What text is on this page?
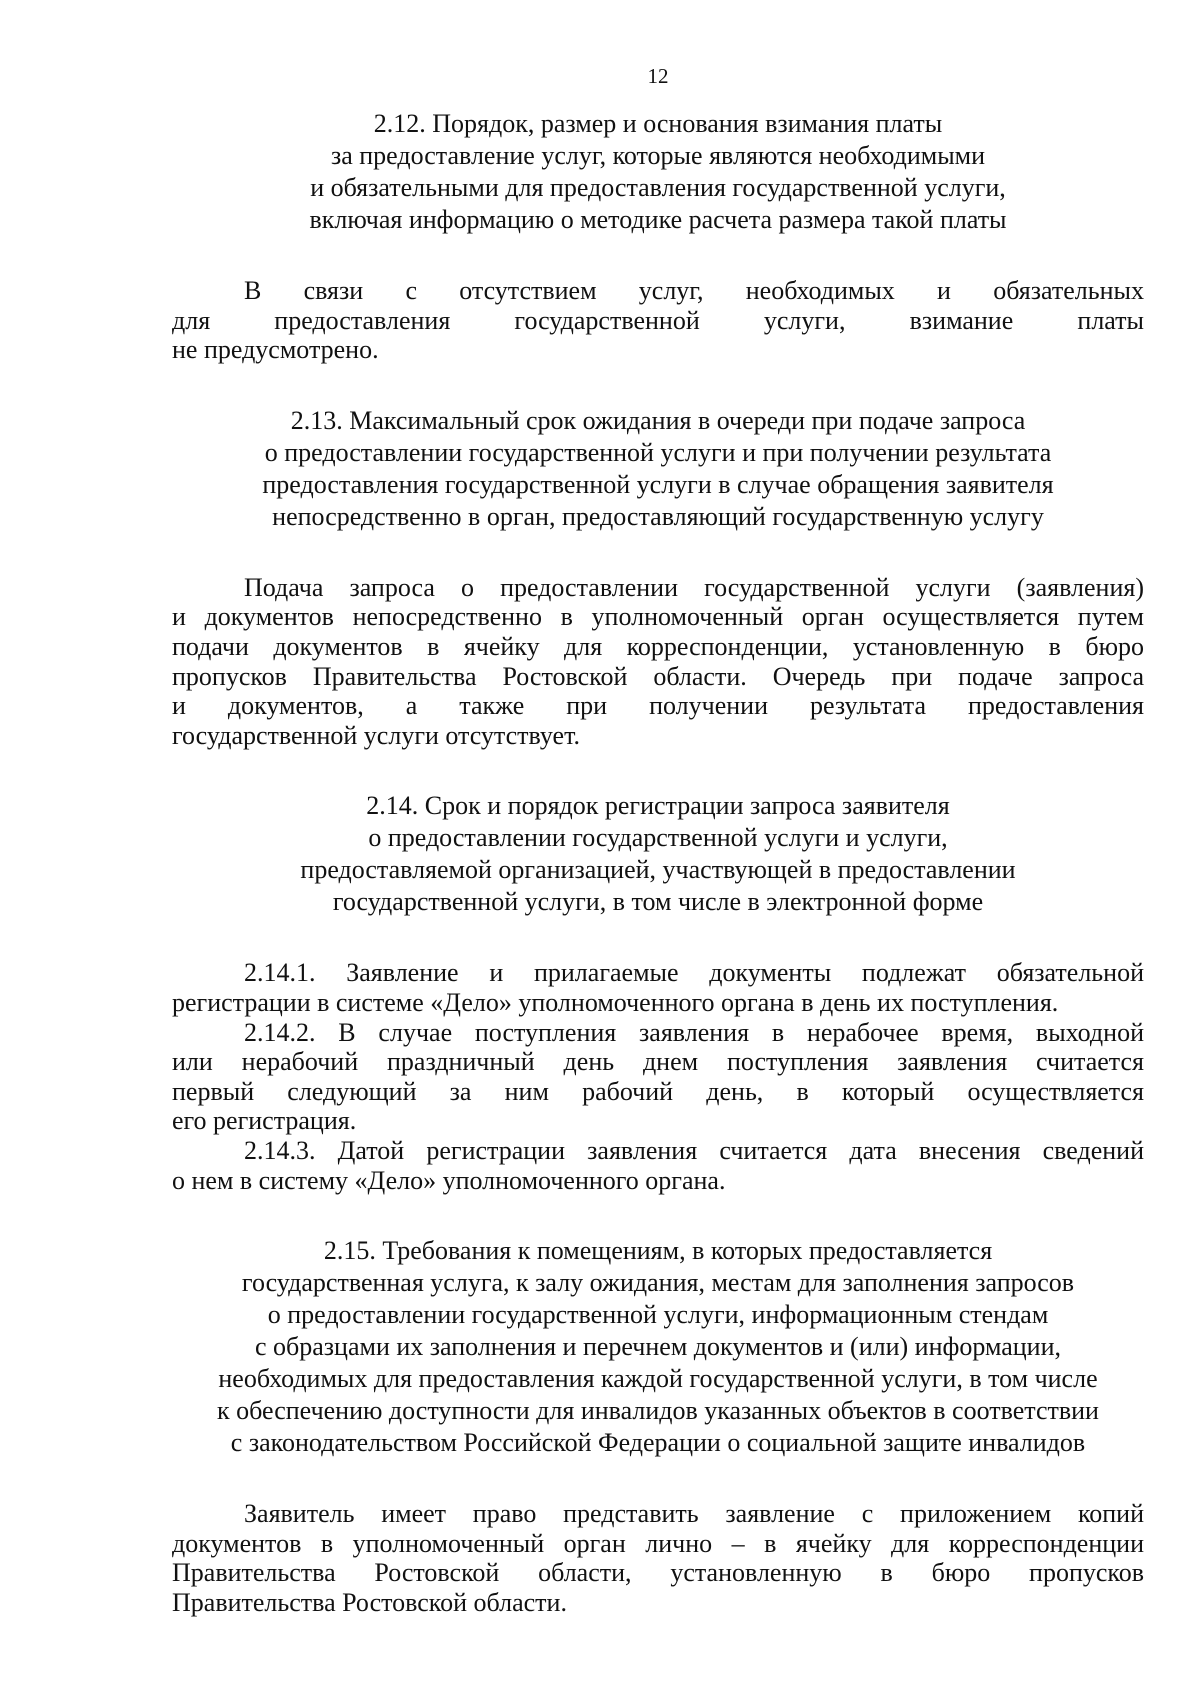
12
2.12. Порядок, размер и основания взимания платы
за предоставление услуг, которые являются необходимыми
и обязательными для предоставления государственной услуги,
включая информацию о методике расчета размера такой платы
В связи с отсутствием услуг, необходимых и обязательных
для предоставления государственной услуги, взимание платы
не предусмотрено.
2.13. Максимальный срок ожидания в очереди при подаче запроса
о предоставлении государственной услуги и при получении результата
предоставления государственной услуги в случае обращения заявителя
непосредственно в орган, предоставляющий государственную услугу
Подача запроса о предоставлении государственной услуги (заявления)
и документов непосредственно в уполномоченный орган осуществляется путем
подачи документов в ячейку для корреспонденции, установленную в бюро
пропусков Правительства Ростовской области. Очередь при подаче запроса
и документов, а также при получении результата предоставления
государственной услуги отсутствует.
2.14. Срок и порядок регистрации запроса заявителя
о предоставлении государственной услуги и услуги,
предоставляемой организацией, участвующей в предоставлении
государственной услуги, в том числе в электронной форме
2.14.1. Заявление и прилагаемые документы подлежат обязательной
регистрации в системе «Дело» уполномоченного органа в день их поступления.
2.14.2. В случае поступления заявления в нерабочее время, выходной
или нерабочий праздничный день днем поступления заявления считается
первый следующий за ним рабочий день, в который осуществляется
его регистрация.
2.14.3. Датой регистрации заявления считается дата внесения сведений
о нем в систему «Дело» уполномоченного органа.
2.15. Требования к помещениям, в которых предоставляется
государственная услуга, к залу ожидания, местам для заполнения запросов
о предоставлении государственной услуги, информационным стендам
с образцами их заполнения и перечнем документов и (или) информации,
необходимых для предоставления каждой государственной услуги, в том числе
к обеспечению доступности для инвалидов указанных объектов в соответствии
с законодательством Российской Федерации о социальной защите инвалидов
Заявитель имеет право представить заявление с приложением копий
документов в уполномоченный орган лично – в ячейку для корреспонденции
Правительства Ростовской области, установленную в бюро пропусков
Правительства Ростовской области.
